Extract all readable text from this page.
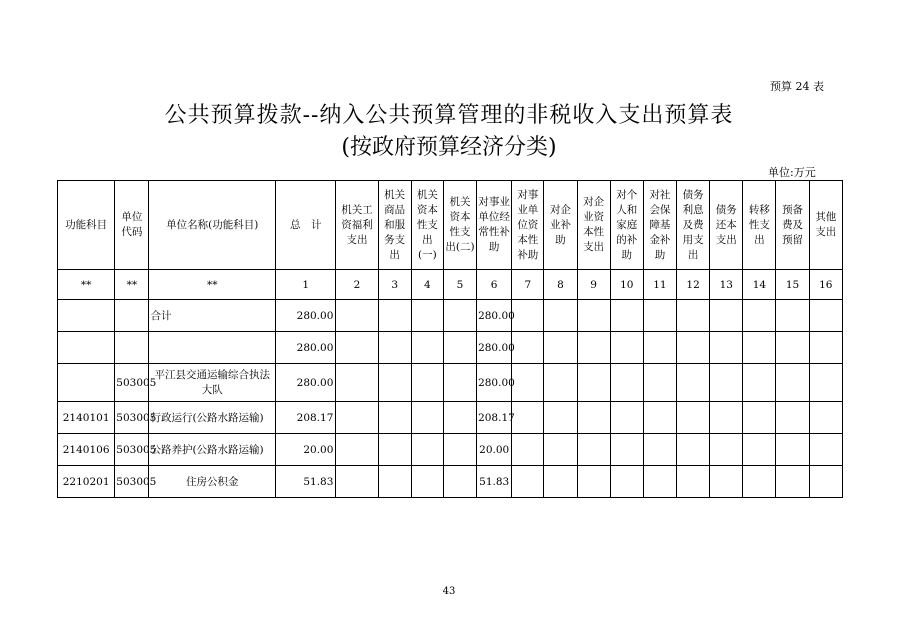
预算 24 表
公共预算拨款--纳入公共预算管理的非税收入支出预算表
(按政府预算经济分类)
单位:万元
功能科目	单位代码	单位名称(功能科目)	总　计	机关工资福利支出	机关商品和服务支出	机关资本性支出(一)	机关资本性支出(二)	对事业单位经常性补助	对事业单位资本性补助	对企业补助	对企业资本性支出	对个人和家庭的补助	对社会保障基金补助	债务利息及费用支出	债务还本支出	转移性支出	预备费及预留	其他支出
**	**	**	1	2	3	4	5	6	7	8	9	10	11	12	13	14	15	16
		合计	280.00					280.00										
			280.00					280.00										
	503005	平江县交通运输综合执法大队	280.00					280.00										
2140101	503005	行政运行(公路水路运输)	208.17					208.17										
2140106	503005	公路养护(公路水路运输)	20.00					20.00										
2210201	503005	住房公积金	51.83					51.83										
43
